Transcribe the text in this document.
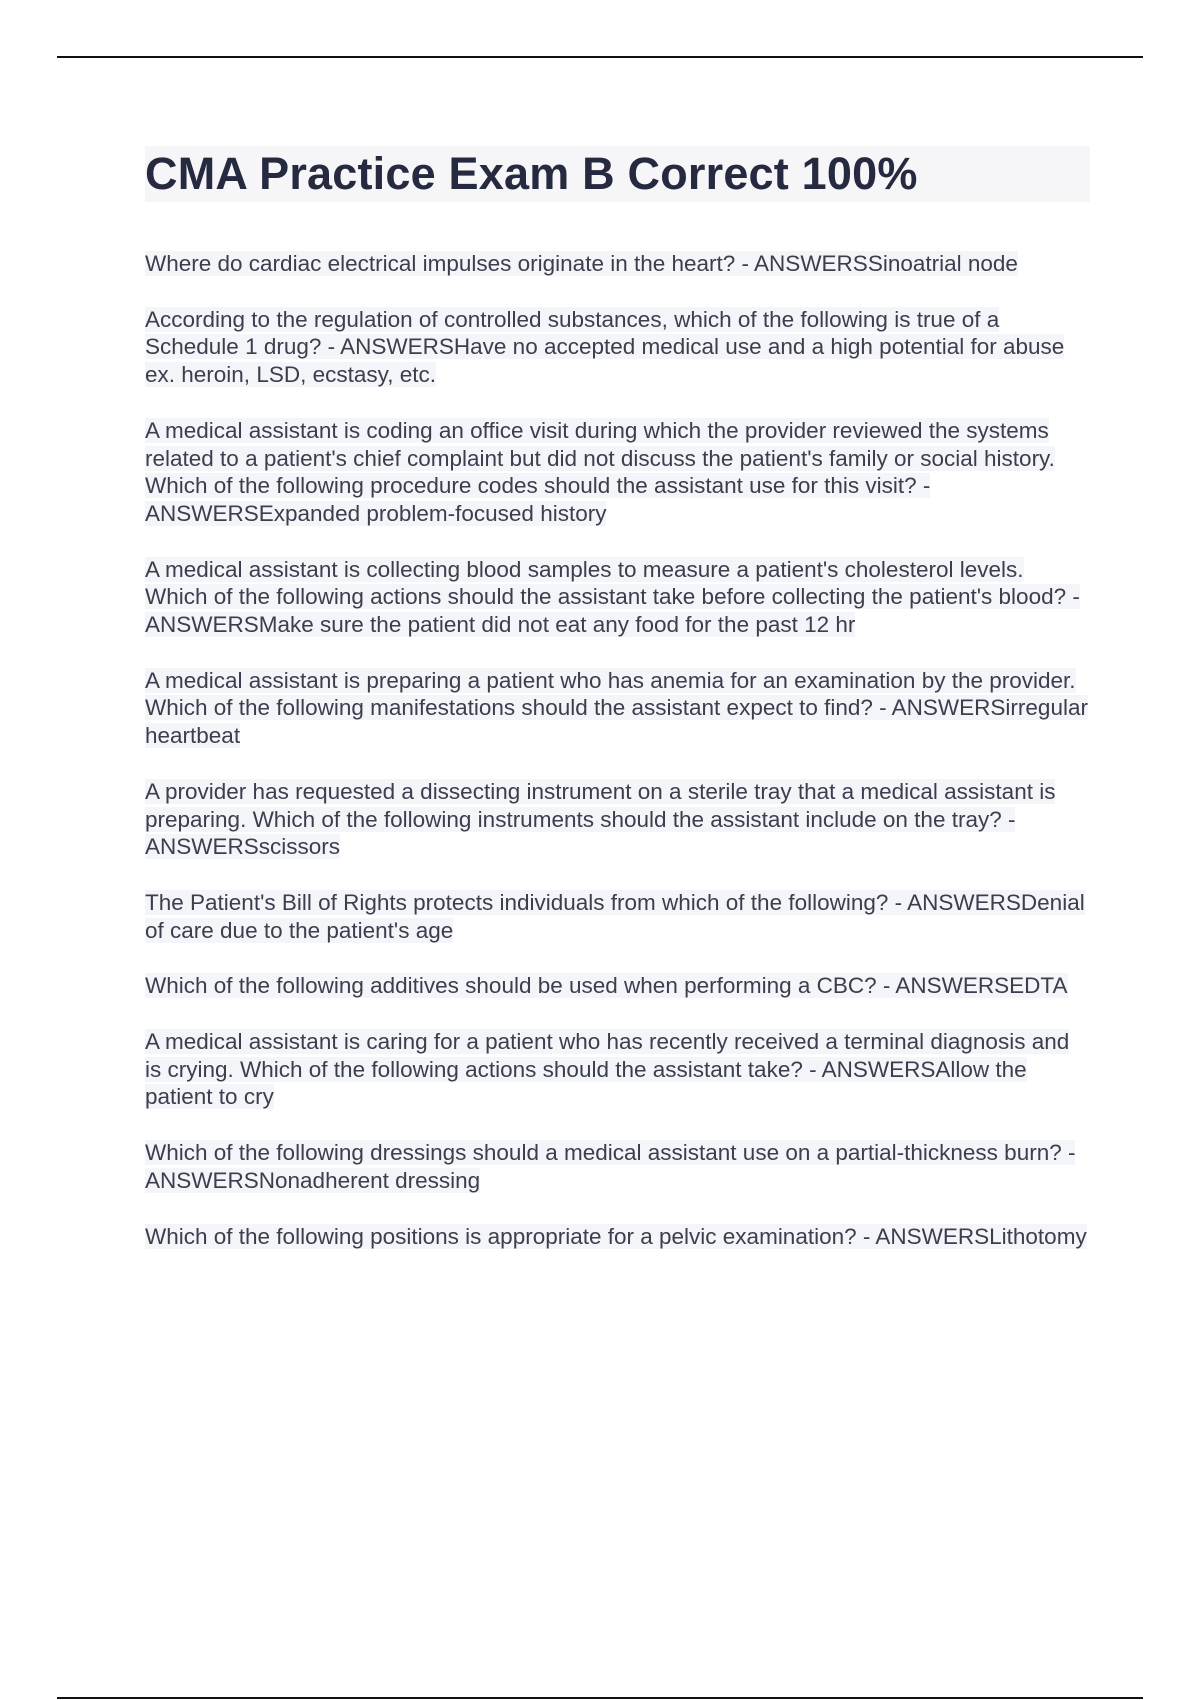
CMA Practice Exam B Correct 100%

Where do cardiac electrical impulses originate in the heart? - ANSWERSSinoatrial node

According to the regulation of controlled substances, which of the following is true of a Schedule 1 drug? - ANSWERSHave no accepted medical use and a high potential for abuse
ex. heroin, LSD, ecstasy, etc.

A medical assistant is coding an office visit during which the provider reviewed the systems related to a patient's chief complaint but did not discuss the patient's family or social history. Which of the following procedure codes should the assistant use for this visit? - ANSWERSExpanded problem-focused history

A medical assistant is collecting blood samples to measure a patient's cholesterol levels. Which of the following actions should the assistant take before collecting the patient's blood? - ANSWERSMake sure the patient did not eat any food for the past 12 hr

A medical assistant is preparing a patient who has anemia for an examination by the provider. Which of the following manifestations should the assistant expect to find? - ANSWERSirregular heartbeat

A provider has requested a dissecting instrument on a sterile tray that a medical assistant is preparing. Which of the following instruments should the assistant include on the tray? - ANSWERSscissors

The Patient's Bill of Rights protects individuals from which of the following? - ANSWERSDenial of care due to the patient's age

Which of the following additives should be used when performing a CBC? - ANSWERSEDTA

A medical assistant is caring for a patient who has recently received a terminal diagnosis and is crying. Which of the following actions should the assistant take? - ANSWERSAllow the patient to cry

Which of the following dressings should a medical assistant use on a partial-thickness burn? - ANSWERSNonadherent dressing

Which of the following positions is appropriate for a pelvic examination? - ANSWERSLithotomy
